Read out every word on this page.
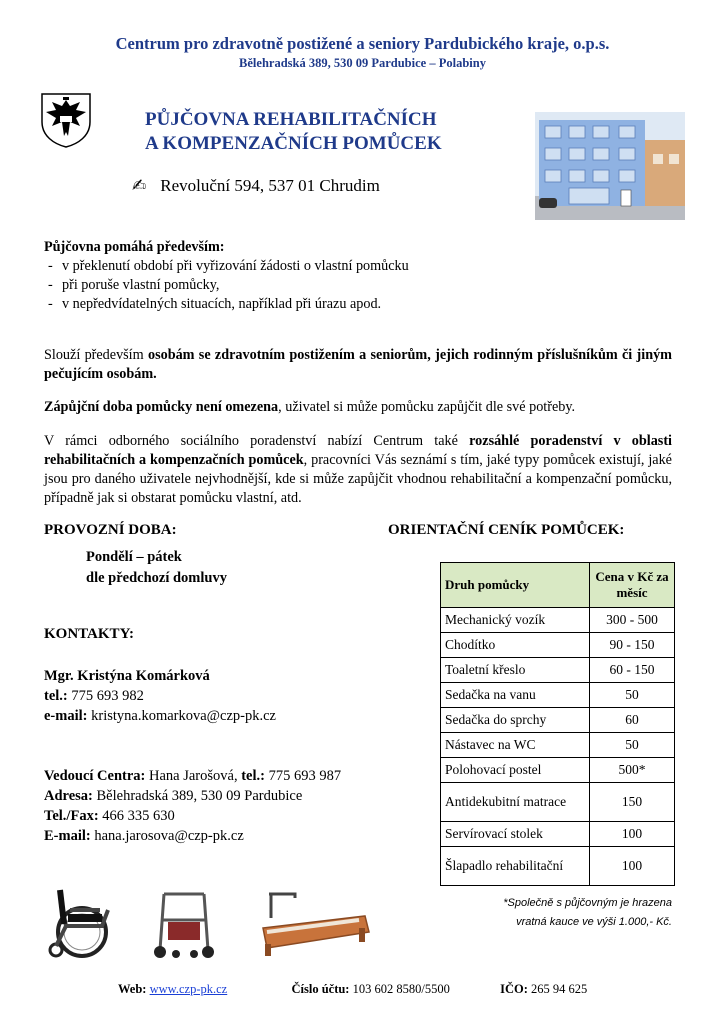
Centrum pro zdravotně postižené a seniory Pardubického kraje, o.p.s.
Bělehradská 389, 530 09 Pardubice – Polabiny
PŮJČOVNA REHABILITAČNÍCH
A KOMPENZAČNÍCH POMŮCEK
✍ Revoluční 594, 537 01 Chrudim
Půjčovna pomáhá především:
- v překlenutí období při vyřizování žádosti o vlastní pomůcku
- při poruše vlastní pomůcky,
- v nepředvídatelných situacích, například při úrazu apod.
Slouží především osobám se zdravotním postižením a seniorům, jejich rodinným příslušníkům či jiným pečujícím osobám.
Zápůjční doba pomůcky není omezena, uživatel si může pomůcku zapůjčit dle své potřeby.
V rámci odborného sociálního poradenství nabízí Centrum také rozsáhlé poradenství v oblasti rehabilitačních a kompenzačních pomůcek, pracovníci Vás seznámí s tím, jaké typy pomůcek existují, jaké jsou pro daného uživatele nejvhodnější, kde si může zapůjčit vhodnou rehabilitační a kompenzační pomůcku, případně jak si obstarat pomůcku vlastní, atd.
PROVOZNÍ DOBA:	ORIENTAČNÍ CENÍK POMŮCEK:
Pondělí – pátek
dle předchozí domluvy
KONTAKTY:
Mgr. Kristýna Komárková
tel.: 775 693 982
e-mail: kristyna.komarkova@czp-pk.cz
Vedoucí Centra: Hana Jarošová, tel.: 775 693 987
Adresa: Bělehradská 389, 530 09 Pardubice
Tel./Fax: 466 335 630
E-mail: hana.jarosova@czp-pk.cz
Druh pomůcky	Cena v Kč za měsíc
Mechanický vozík	300 - 500
Chodítko	90 - 150
Toaletní křeslo	60 - 150
Sedačka na vanu	50
Sedačka do sprchy	60
Nástavec na WC	50
Polohovací postel	500*
Antidekubitní matrace	150
Servírovací stolek	100
Šlapadlo rehabilitační	100
*Společně s půjčovným je hrazena
vratná kauce ve výši 1.000,- Kč.
Web: www.czp-pk.cz	Číslo účtu: 103 602 8580/5500	IČO: 265 94 625
